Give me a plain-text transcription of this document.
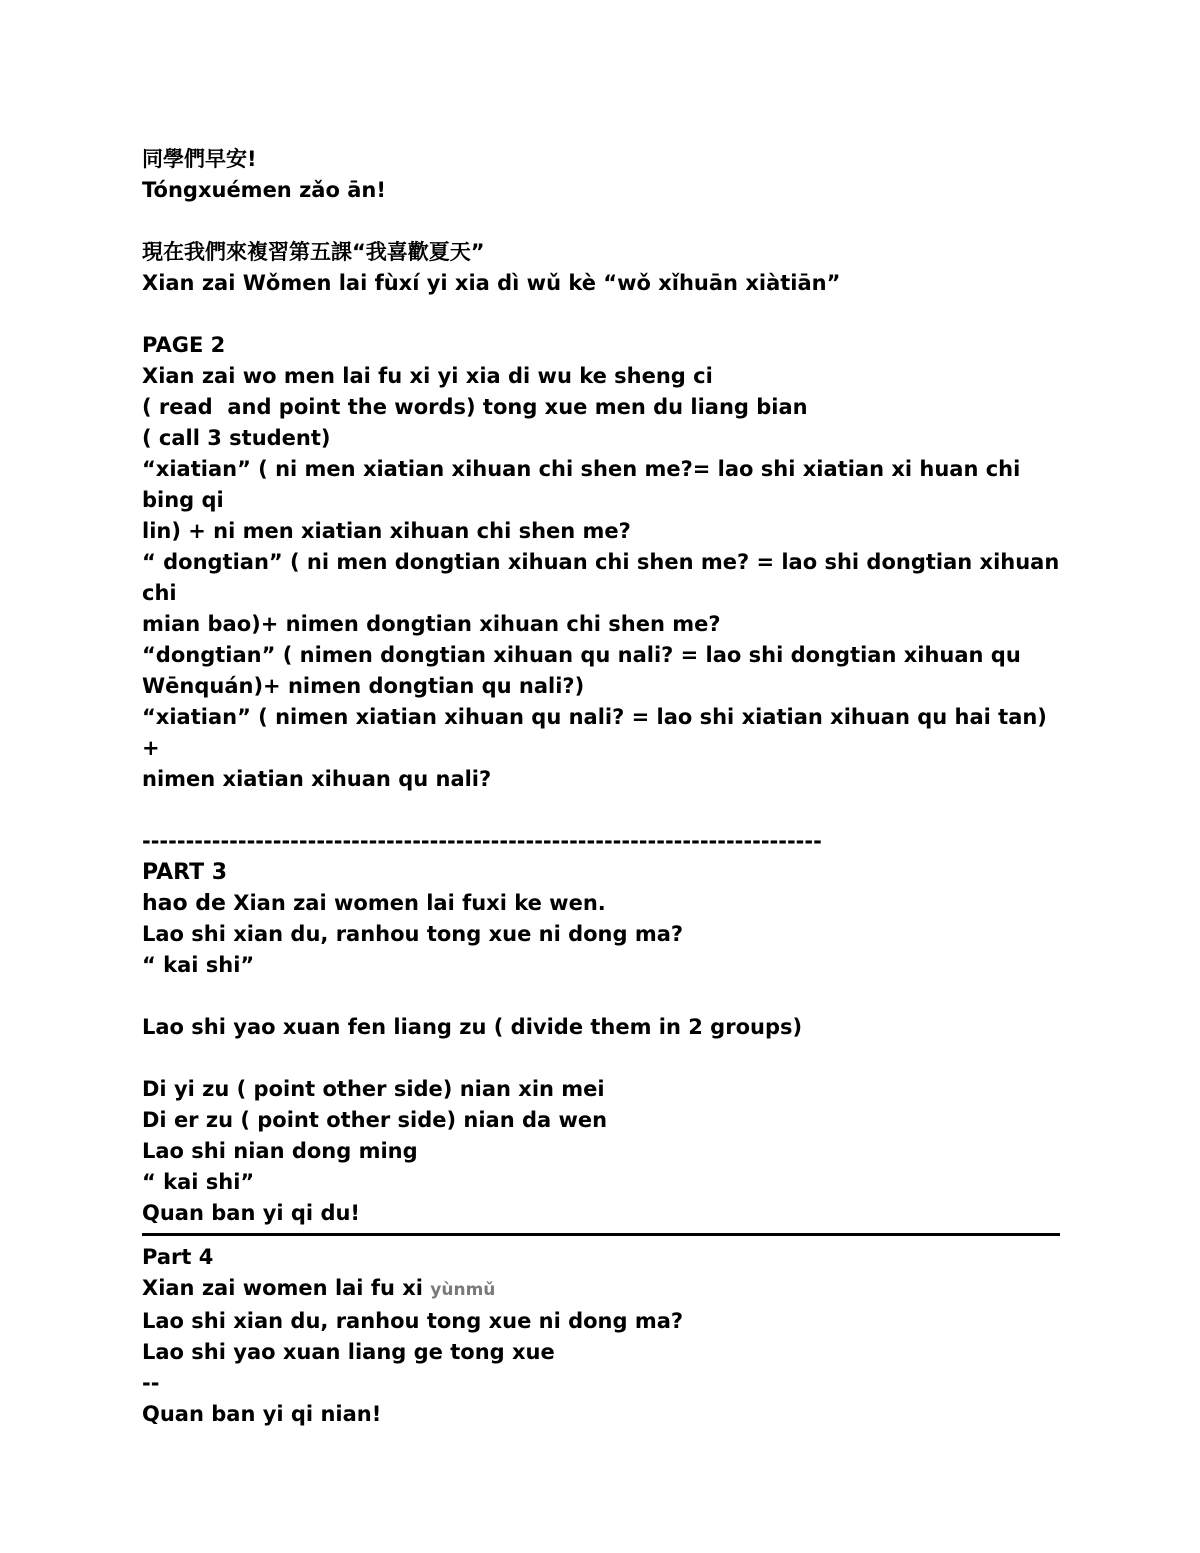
同學們早安!
Tóngxuémen zǎo ān!
現在我們來複習第五課“我喜歡夏天”
Xian zai Wǒmen lai fùxí yi xia dì wǔ kè “wǒ xǐhuān xiàtiān”
PAGE 2
Xian zai wo men lai fu xi yi xia di wu ke sheng ci
( read  and point the words) tong xue men du liang bian
( call 3 student)
“xiatian” ( ni men xiatian xihuan chi shen me?= lao shi xiatian xi huan chi bing qi
lin) + ni men xiatian xihuan chi shen me?
“ dongtian” ( ni men dongtian xihuan chi shen me? = lao shi dongtian xihuan chi
mian bao)+ nimen dongtian xihuan chi shen me?
“dongtian” ( nimen dongtian xihuan qu nali? = lao shi dongtian xihuan qu
Wēnquán)+ nimen dongtian qu nali?)
“xiatian” ( nimen xiatian xihuan qu nali? = lao shi xiatian xihuan qu hai tan) +
nimen xiatian xihuan qu nali?
------------------------------------------------------------------------------
PART 3
hao de Xian zai women lai fuxi ke wen.
Lao shi xian du, ranhou tong xue ni dong ma?
“ kai shi”
Lao shi yao xuan fen liang zu ( divide them in 2 groups)
Di yi zu ( point other side) nian xin mei
Di er zu ( point other side) nian da wen
Lao shi nian dong ming
“ kai shi”
Quan ban yi qi du!
Part 4
Xian zai women lai fu xi yùnmǔ
Lao shi xian du, ranhou tong xue ni dong ma?
Lao shi yao xuan liang ge tong xue
--
Quan ban yi qi nian!
